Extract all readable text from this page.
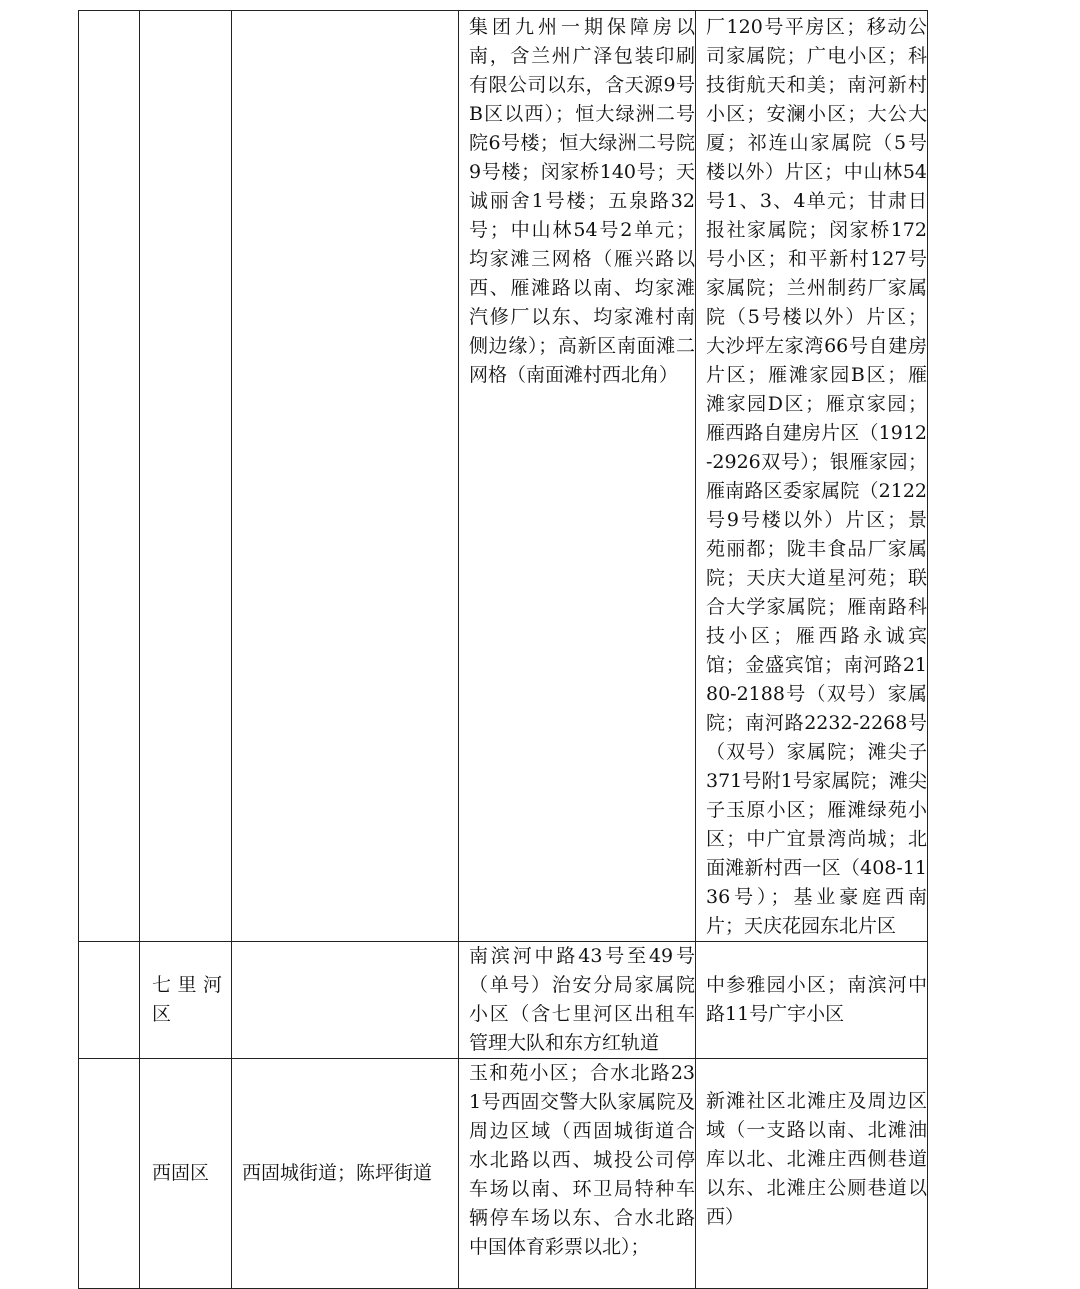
			集团九州一期保障房以南，含兰州广泽包装印刷有限公司以东，含天源9号B区以西）；恒大绿洲二号院6号楼；恒大绿洲二号院9号楼；闵家桥140号；天诚丽舍1号楼；五泉路32号；中山林54号2单元；均家滩三网格（雁兴路以西、雁滩路以南、均家滩汽修厂以东、均家滩村南侧边缘）；高新区南面滩二网格（南面滩村西北角）	厂120号平房区；移动公司家属院；广电小区；科技街航天和美；南河新村小区；安澜小区；大公大厦；祁连山家属院（5号楼以外）片区；中山林54号1、3、4单元；甘肃日报社家属院；闵家桥172号小区；和平新村127号家属院；兰州制药厂家属院（5号楼以外）片区；大沙坪左家湾66号自建房片区；雁滩家园B区；雁滩家园D区；雁京家园；雁西路自建房片区（1912-2926双号）；银雁家园；雁南路区委家属院（2122号9号楼以外）片区；景苑丽都；陇丰食品厂家属院；天庆大道星河苑；联合大学家属院；雁南路科技小区；雁西路永诚宾馆；金盛宾馆；南河路2180-2188号（双号）家属院；南河路2232-2268号（双号）家属院；滩尖子371号附1号家属院；滩尖子玉原小区；雁滩绿苑小区；中广宜景湾尚城；北面滩新村西一区（408-1136号）；基业豪庭西南片；天庆花园东北片区

	七里河区		南滨河中路43号至49号（单号）治安分局家属院小区（含七里河区出租车管理大队和东方红轨道	中参雅园小区；南滨河中路11号广宇小区

	西固区	西固城街道；陈坪街道	玉和苑小区；合水北路231号西固交警大队家属院及周边区域（西固城街道合水北路以西、城投公司停车场以南、环卫局特种车辆停车场以东、合水北路中国体育彩票以北）；	新滩社区北滩庄及周边区域（一支路以南、北滩油库以北、北滩庄西侧巷道以东、北滩庄公厕巷道以西）
